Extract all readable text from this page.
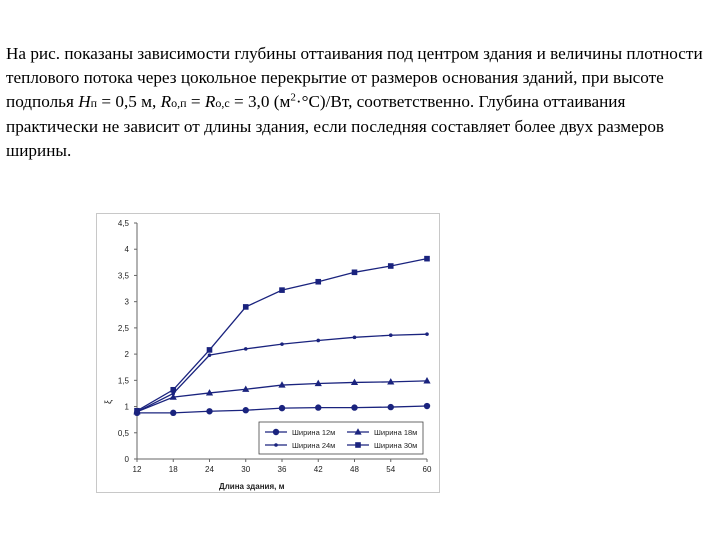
На рис. показаны зависимости глубины оттаивания под центром здания и величины плотности теплового потока через цокольное перекрытие от размеров основания зданий, при высоте подполья Hп = 0,5 м, Rо,п = Rо,с = 3,0 $(м^2\cdot^\circ С)/Вт$, соответственно. Глубина оттаивания практически не зависит от длины здания, если последняя составляет более двух размеров ширины.
0
0,5
1
1,5
2
2,5
3
3,5
4
4,5
12	18	24	30	36	42	48	54	60
Длина здания, м
ξ
Ширина 12м	Ширина 18м
Ширина 24м	Ширина 30м
